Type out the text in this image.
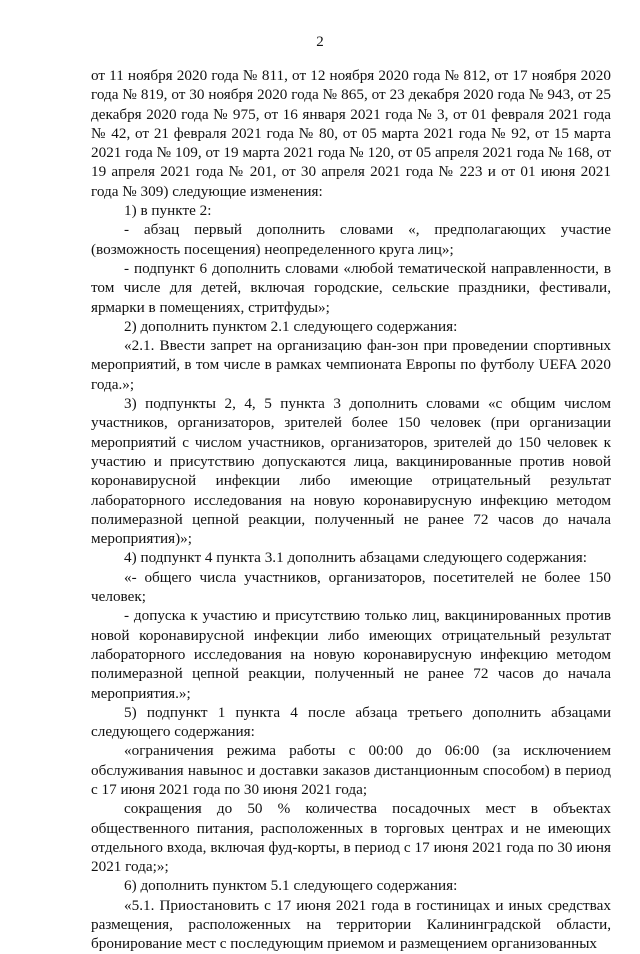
2

от 11 ноября 2020 года № 811, от 12 ноября 2020 года № 812, от 17 ноября 2020 года № 819, от 30 ноября 2020 года № 865, от 23 декабря 2020 года № 943, от 25 декабря 2020 года № 975, от 16 января 2021 года № 3, от 01 февраля 2021 года № 42, от 21 февраля 2021 года № 80, от 05 марта 2021 года № 92, от 15 марта 2021 года № 109, от 19 марта 2021 года № 120, от 05 апреля 2021 года № 168, от 19 апреля 2021 года № 201, от 30 апреля 2021 года № 223 и от 01 июня 2021 года № 309) следующие изменения:

1) в пункте 2:

- абзац первый дополнить словами «, предполагающих участие (возможность посещения) неопределенного круга лиц»;

- подпункт 6 дополнить словами «любой тематической направленности, в том числе для детей, включая городские, сельские праздники, фестивали, ярмарки в помещениях, стритфуды»;

2) дополнить пунктом 2.1 следующего содержания:

«2.1. Ввести запрет на организацию фан-зон при проведении спортивных мероприятий, в том числе в рамках чемпионата Европы по футболу UEFA 2020 года.»;

3) подпункты 2, 4, 5 пункта 3 дополнить словами «с общим числом участников, организаторов, зрителей более 150 человек (при организации мероприятий с числом участников, организаторов, зрителей до 150 человек к участию и присутствию допускаются лица, вакцинированные против новой коронавирусной инфекции либо имеющие отрицательный результат лабораторного исследования на новую коронавирусную инфекцию методом полимеразной цепной реакции, полученный не ранее 72 часов до начала мероприятия)»;

4) подпункт 4 пункта 3.1 дополнить абзацами следующего содержания:

«- общего числа участников, организаторов, посетителей не более 150 человек;

- допуска к участию и присутствию только лиц, вакцинированных против новой коронавирусной инфекции либо имеющих отрицательный результат лабораторного исследования на новую коронавирусную инфекцию методом полимеразной цепной реакции, полученный не ранее 72 часов до начала мероприятия.»;

5) подпункт 1 пункта 4 после абзаца третьего дополнить абзацами следующего содержания:

«ограничения режима работы с 00:00 до 06:00 (за исключением обслуживания навынос и доставки заказов дистанционным способом) в период с 17 июня 2021 года по 30 июня 2021 года;

сокращения до 50 % количества посадочных мест в объектах общественного питания, расположенных в торговых центрах и не имеющих отдельного входа, включая фуд-корты, в период с 17 июня 2021 года по 30 июня 2021 года;»;

6) дополнить пунктом 5.1 следующего содержания:

«5.1. Приостановить с 17 июня 2021 года в гостиницах и иных средствах размещения, расположенных на территории Калининградской области, бронирование мест с последующим приемом и размещением организованных
